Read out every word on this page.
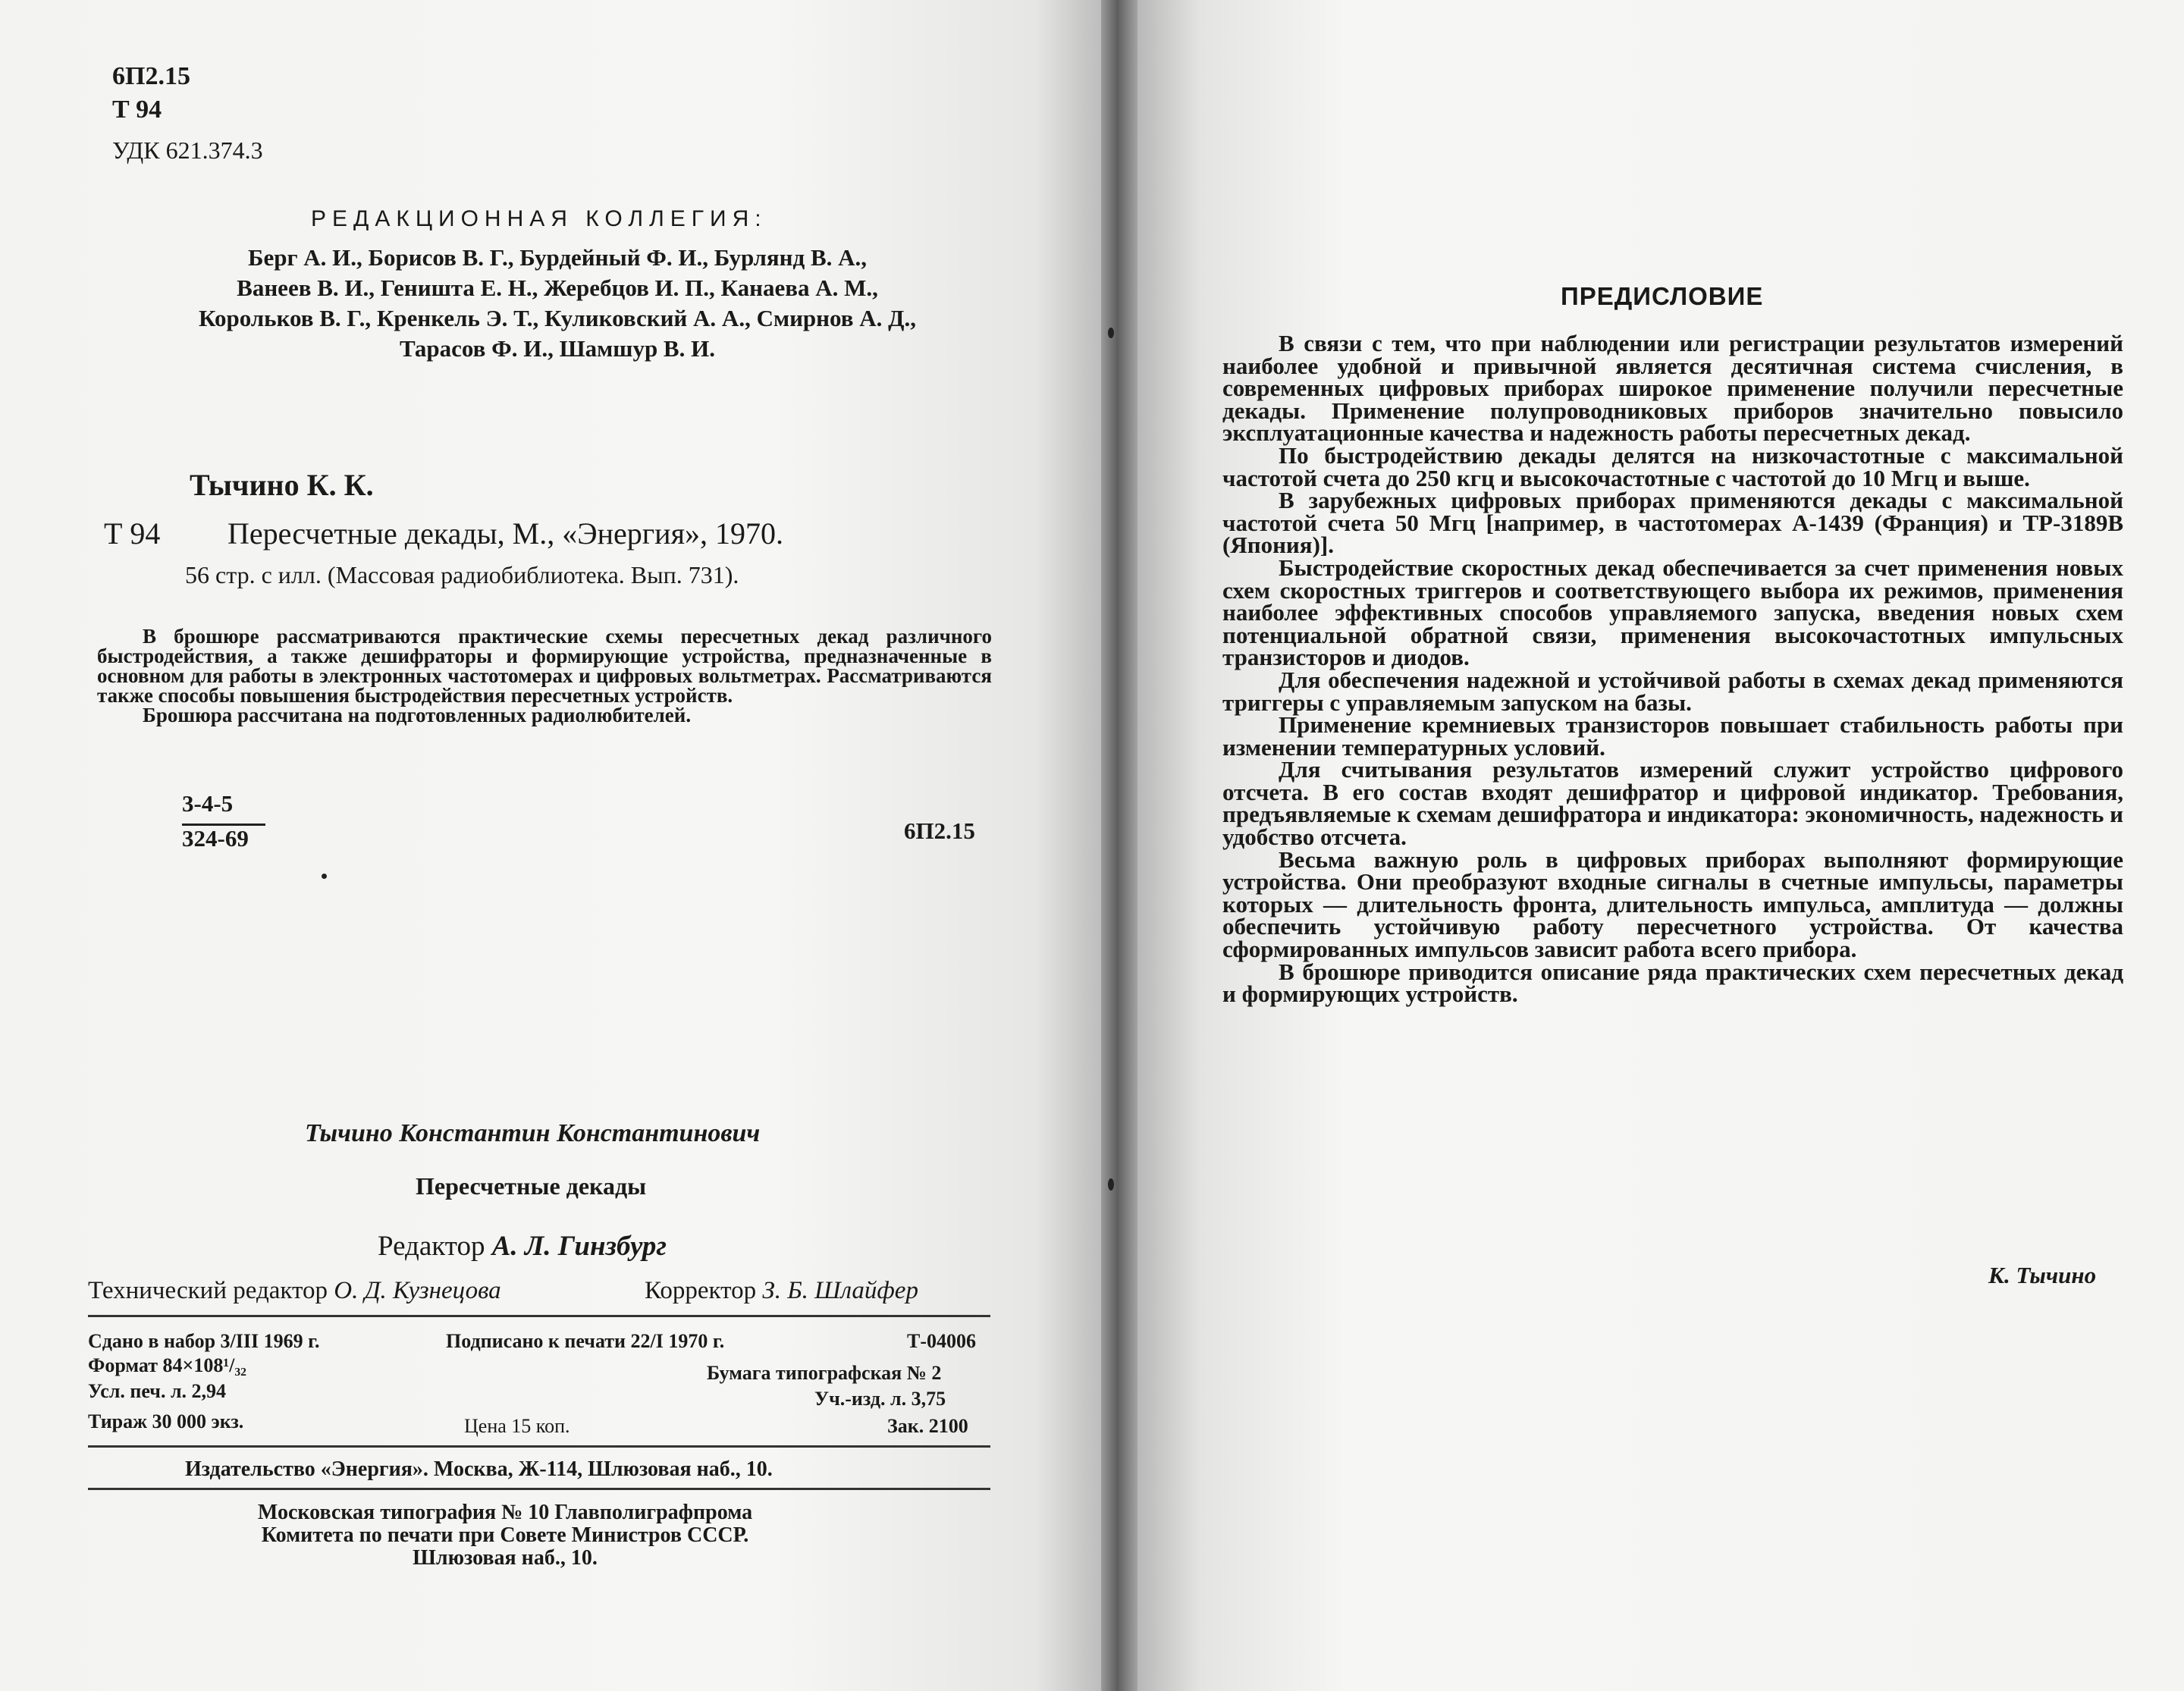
6П2.15
Т 94
УДК 621.374.3
РЕДАКЦИОННАЯ КОЛЛЕГИЯ:
Берг А. И., Борисов В. Г., Бурдейный Ф. И., Бурлянд В. А.,
Ванеев В. И., Геништа Е. Н., Жеребцов И. П., Канаева А. М.,
Корольков В. Г., Кренкель Э. Т., Куликовский А. А., Смирнов А. Д.,
Тарасов Ф. И., Шамшур В. И.
Тычино К. К.
Т 94 Пересчетные декады, М., «Энергия», 1970.
56 стр. с илл. (Массовая радиобиблиотека. Вып. 731).

В брошюре рассматриваются практические схемы пересчетных декад различного быстродействия, а также дешифраторы и формирующие устройства, предназначенные в основном для работы в электронных частотомерах и цифровых вольтметрах. Рассматриваются также способы повышения быстродействия пересчетных устройств.

Брошюра рассчитана на подготовленных радиолюбителей.

3-4-5
324-69	6П2.15
Тычино Константин Константинович
Пересчетные декады
Редактор А. Л. Гинзбург
Технический редактор О. Д. Кузнецова	Корректор З. Б. Шлайфер
Сдано в набор 3/III 1969 г.	Подписано к печати 22/I 1970 г.	Т-04006
Формат 84×108¹/₃₂	Бумага типографская № 2
Усл. печ. л. 2,94	Уч.-изд. л. 3,75
Тираж 30 000 экз.	Цена 15 коп.	Зак. 2100
Издательство «Энергия». Москва, Ж-114, Шлюзовая наб., 10.
Московская типография № 10 Главполиграфпрома
Комитета по печати при Совете Министров СССР.
Шлюзовая наб., 10.
ПРЕДИСЛОВИЕ

В связи с тем, что при наблюдении или регистрации результатов измерений наиболее удобной и привычной является десятичная система счисления, в современных цифровых приборах широкое применение получили пересчетные декады. Применение полупроводниковых приборов значительно повысило эксплуатационные качества и надежность работы пересчетных декад.

По быстродействию декады делятся на низкочастотные с максимальной частотой счета до 250 кгц и высокочастотные с частотой до 10 Мгц и выше.

В зарубежных цифровых приборах применяются декады с максимальной частотой счета 50 Мгц [например, в частотомерах А-1439 (Франция) и ТР-3189В (Япония)].

Быстродействие скоростных декад обеспечивается за счет применения новых схем скоростных триггеров и соответствующего выбора их режимов, применения наиболее эффективных способов управляемого запуска, введения новых схем потенциальной обратной связи, применения высокочастотных импульсных транзисторов и диодов.

Для обеспечения надежной и устойчивой работы в схемах декад применяются триггеры с управляемым запуском на базы.

Применение кремниевых транзисторов повышает стабильность работы при изменении температурных условий.

Для считывания результатов измерений служит устройство цифрового отсчета. В его состав входят дешифратор и цифровой индикатор. Требования, предъявляемые к схемам дешифратора и индикатора: экономичность, надежность и удобство отсчета.

Весьма важную роль в цифровых приборах выполняют формирующие устройства. Они преобразуют входные сигналы в счетные импульсы, параметры которых — длительность фронта, длительность импульса, амплитуда — должны обеспечить устойчивую работу пересчетного устройства. От качества сформированных импульсов зависит работа всего прибора.

В брошюре приводится описание ряда практических схем пересчетных декад и формирующих устройств.

К. Тычино
